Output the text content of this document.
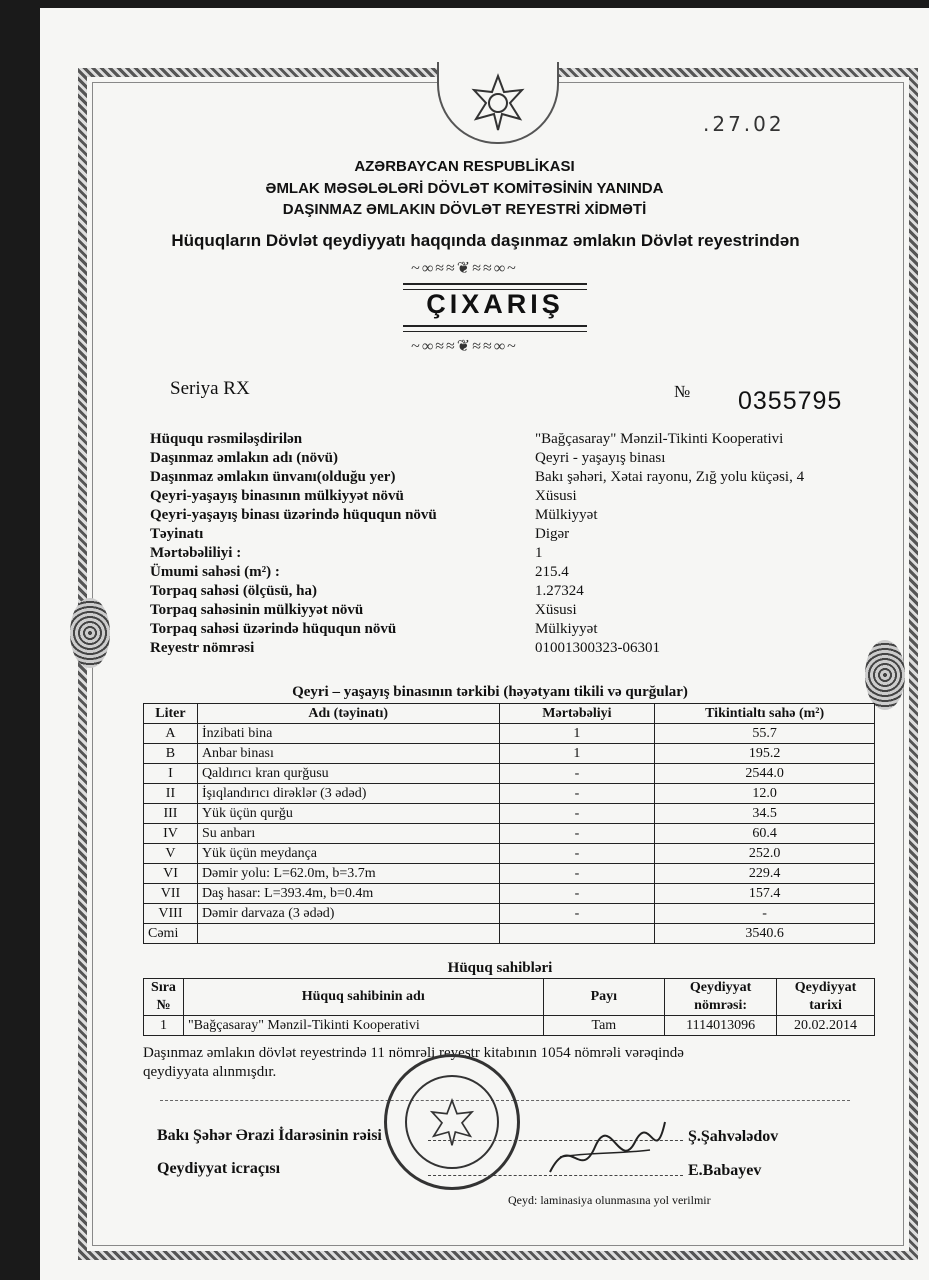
.27.02
AZƏRBAYCAN RESPUBLİKASI
ƏMLAK MƏSƏLƏLƏRİ DÖVLƏT KOMİTƏSİNİN YANINDA
DAŞINMAZ ƏMLAKIN DÖVLƏT REYESTRİ XİDMƏTİ
Hüquqların Dövlət qeydiyyatı haqqında daşınmaz əmlakın Dövlət reyestrindən
~∞≈≈❦≈≈∞~
ÇIXARIŞ
~∞≈≈❦≈≈∞~
Seriya RX	№ 0355795
Hüququ rəsmiləşdirilən	"Bağçasaray" Mənzil-Tikinti Kooperativi
Daşınmaz əmlakın adı (növü)	Qeyri - yaşayış binası
Daşınmaz əmlakın ünvanı(olduğu yer)	Bakı şəhəri, Xətai rayonu, Zığ yolu küçəsi, 4
Qeyri-yaşayış binasının mülkiyyət növü	Xüsusi
Qeyri-yaşayış binası üzərində hüququn növü	Mülkiyyət
Təyinatı	Digər
Mərtəbəliliyi :	1
Ümumi sahəsi (m²) :	215.4
Torpaq sahəsi (ölçüsü, ha)	1.27324
Torpaq sahəsinin mülkiyyət növü	Xüsusi
Torpaq sahəsi üzərində hüququn növü	Mülkiyyət
Reyestr nömrəsi	01001300323-06301
Qeyri – yaşayış binasının tərkibi (həyətyanı tikili və qurğular)
Liter	Adı (təyinatı)	Mərtəbəliyi	Tikintialtı sahə (m²)
A	İnzibati bina	1	55.7
B	Anbar binası	1	195.2
I	Qaldırıcı kran qurğusu	-	2544.0
II	İşıqlandırıcı dirəklər (3 ədəd)	-	12.0
III	Yük üçün qurğu	-	34.5
IV	Su anbarı	-	60.4
V	Yük üçün meydança	-	252.0
VI	Dəmir yolu: L=62.0m, b=3.7m	-	229.4
VII	Daş hasar: L=393.4m, b=0.4m	-	157.4
VIII	Dəmir darvaza (3 ədəd)	-	-
Cəmi			3540.6
Hüquq sahibləri
Sıra №	Hüquq sahibinin adı	Payı	Qeydiyyat nömrəsi:	Qeydiyyat tarixi
1	"Bağçasaray" Mənzil-Tikinti Kooperativi	Tam	1114013096	20.02.2014
Daşınmaz əmlakın dövlət reyestrində 11 nömrəli reyestr kitabının 1054 nömrəli vərəqində
qeydiyyata alınmışdır.
Bakı Şəhər Ərazi İdarəsinin rəisi	Ş.Şahvələdov
Qeydiyyat icraçısı	E.Babayev
Qeyd: laminasiya olunmasına yol verilmir
